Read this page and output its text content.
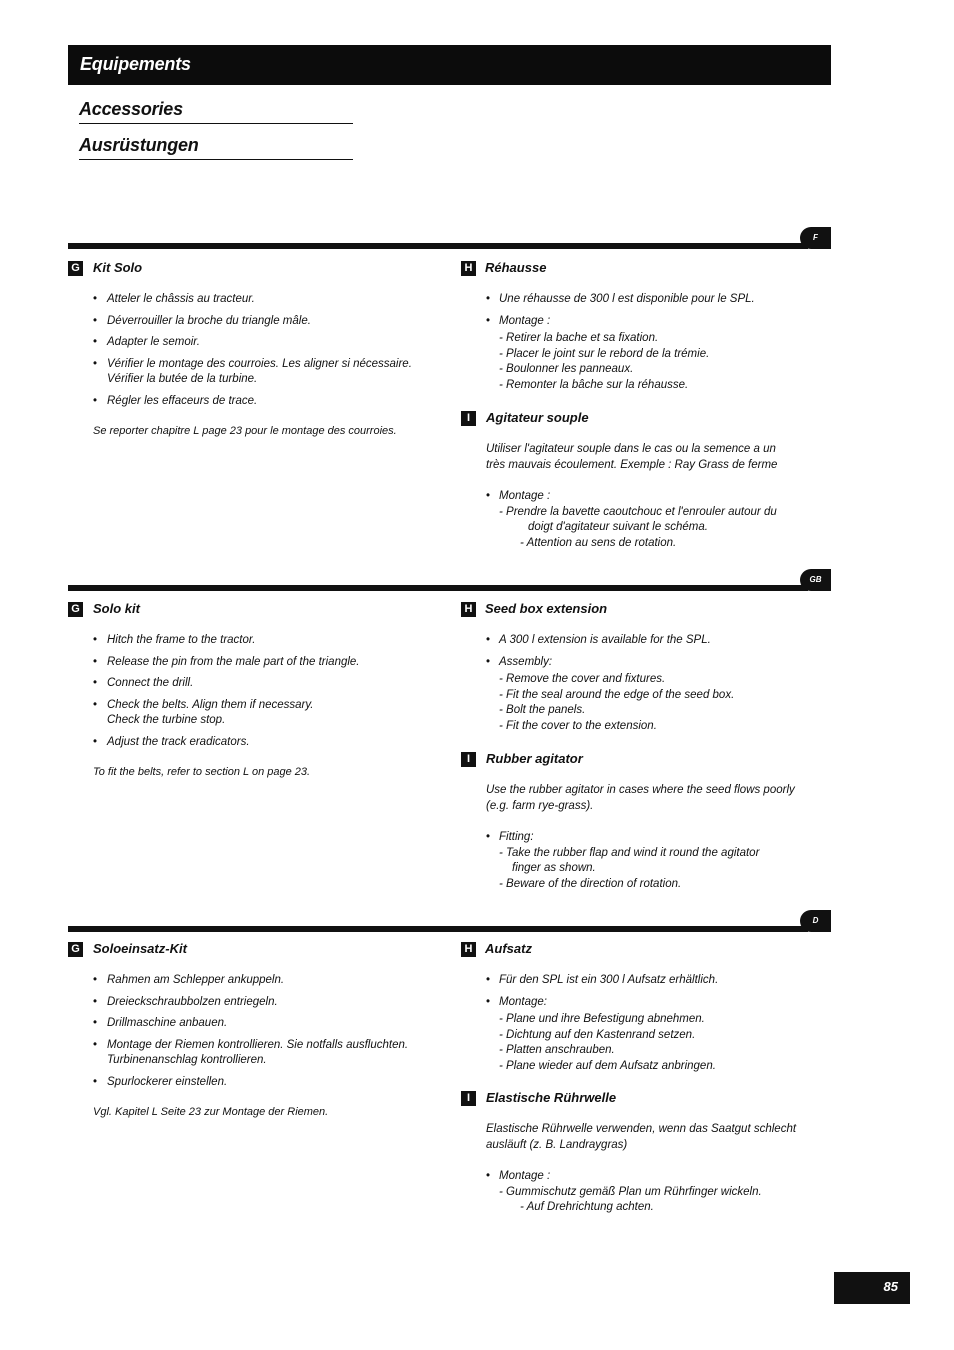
Equipements
Accessories
Ausrüstungen
F
G Kit Solo
• Atteler le châssis au tracteur.
• Déverrouiller la broche du triangle mâle.
• Adapter le semoir.
• Vérifier le montage des courroies. Les aligner si nécessaire.
Vérifier la butée de la turbine.
• Régler les effaceurs de trace.
Se reporter chapitre L page 23 pour le montage des courroies.
H Réhausse
• Une réhausse de 300 l est disponible pour le SPL.
• Montage :
- Retirer la bache et sa fixation.
- Placer le joint sur le rebord de la trémie.
- Boulonner les panneaux.
- Remonter la bâche sur la réhausse.
I	Agitateur souple
Utiliser l'agitateur souple dans le cas ou la semence a un
très mauvais écoulement. Exemple : Ray Grass de ferme
• Montage :
- Prendre la bavette caoutchouc et l'enrouler autour du
doigt d'agitateur suivant le schéma.
- Attention au sens de rotation.
GB
G Solo kit
• Hitch the frame to the tractor.
• Release the pin from the male part of the triangle.
• Connect the drill.
• Check the belts. Align them if necessary.
Check the turbine stop.
• Adjust the track eradicators.
To fit the belts, refer to section L on page 23.
H Seed box extension
• A 300 l extension is available for the SPL.
• Assembly:
- Remove the cover and fixtures.
- Fit the seal around the edge of the seed box.
- Bolt the panels.
- Fit the cover to the extension.
I	Rubber agitator
Use the rubber agitator in cases where the seed flows poorly
(e.g. farm rye-grass).
• Fitting:
- Take the rubber flap and wind it round the agitator
finger as shown.
- Beware of the direction of rotation.
D
G Soloeinsatz-Kit
• Rahmen am Schlepper ankuppeln.
• Dreieckschraubbolzen entriegeln.
• Drillmaschine anbauen.
• Montage der Riemen kontrollieren. Sie notfalls ausfluchten.
Turbinenanschlag kontrollieren.
• Spurlockerer einstellen.
Vgl. Kapitel L Seite 23 zur Montage der Riemen.
H Aufsatz
• Für den SPL ist ein 300 l Aufsatz erhältlich.
• Montage:
- Plane und ihre Befestigung abnehmen.
- Dichtung auf den Kastenrand setzen.
- Platten anschrauben.
- Plane wieder auf dem Aufsatz anbringen.
I	Elastische Rührwelle
Elastische Rührwelle verwenden, wenn das Saatgut schlecht
ausläuft (z. B. Landraygras)
• Montage :
- Gummischutz gemäß Plan um Rührfinger wickeln.
- Auf Drehrichtung achten.
85
